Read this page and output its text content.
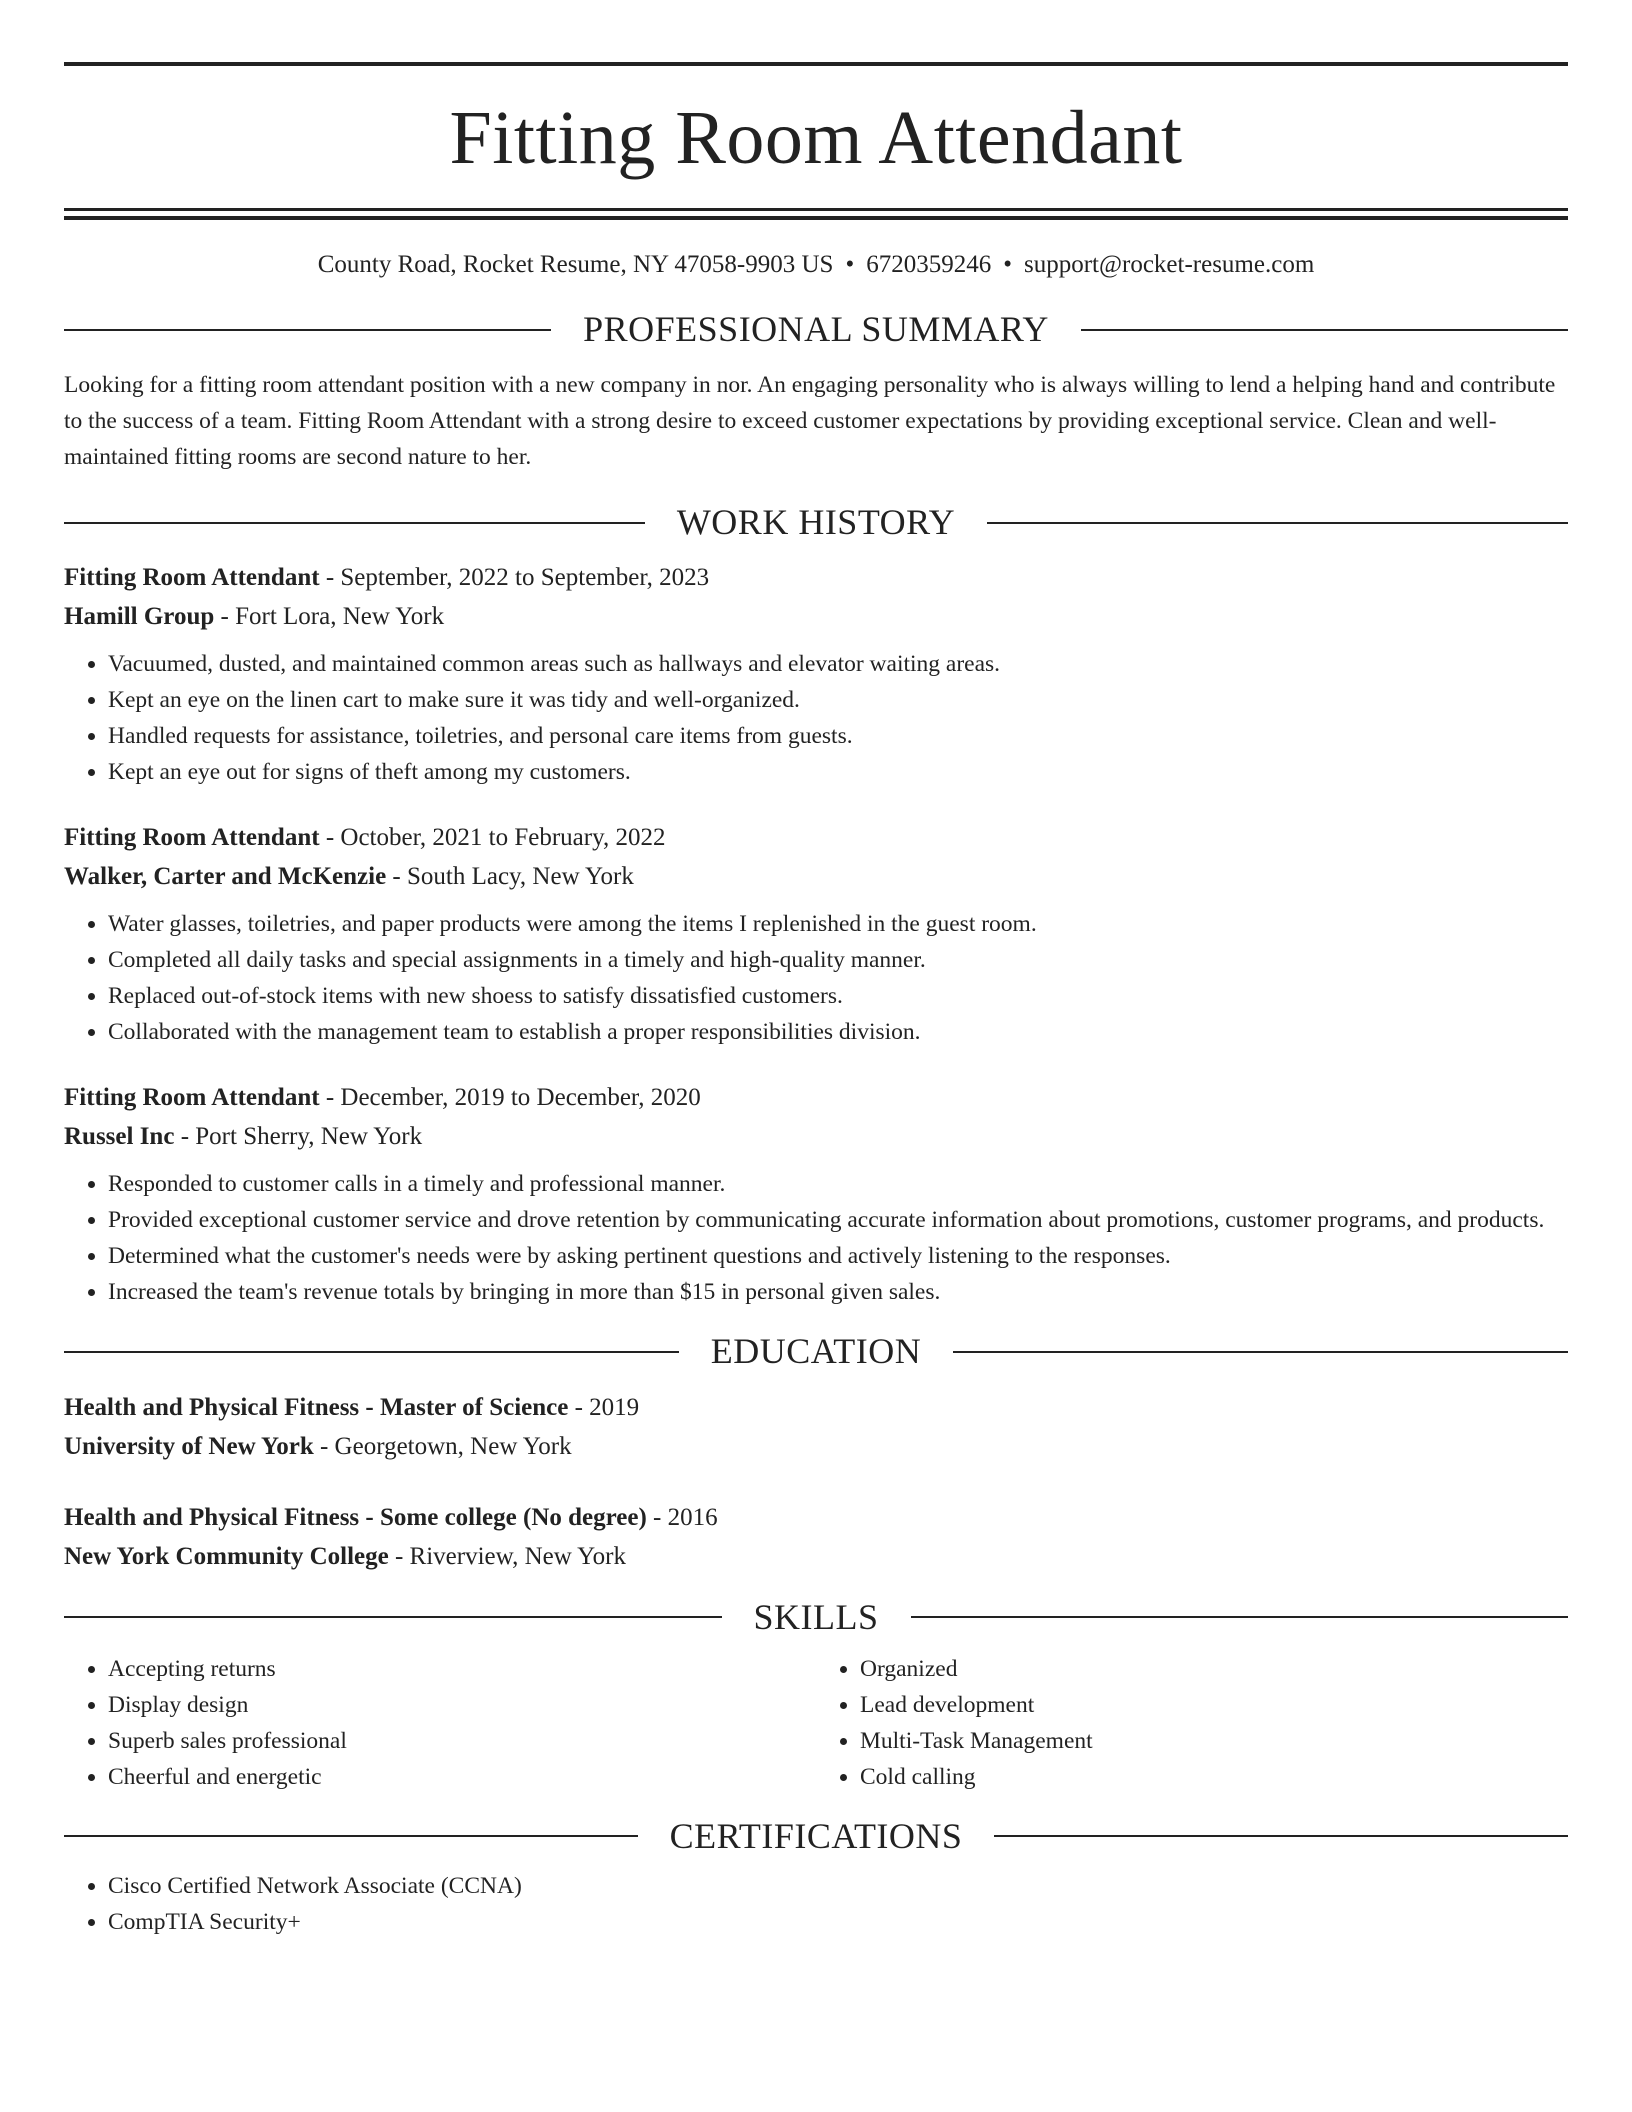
Fitting Room Attendant
County Road, Rocket Resume, NY 47058-9903 US • 6720359246 • support@rocket-resume.com
PROFESSIONAL SUMMARY

Looking for a fitting room attendant position with a new company in nor. An engaging personality who is always willing to lend a helping hand and contribute to the success of a team. Fitting Room Attendant with a strong desire to exceed customer expectations by providing exceptional service. Clean and well-maintained fitting rooms are second nature to her.

WORK HISTORY
Fitting Room Attendant - September, 2022 to September, 2023
Hamill Group - Fort Lora, New York
• Vacuumed, dusted, and maintained common areas such as hallways and elevator waiting areas.
• Kept an eye on the linen cart to make sure it was tidy and well-organized.
• Handled requests for assistance, toiletries, and personal care items from guests.
• Kept an eye out for signs of theft among my customers.
Fitting Room Attendant - October, 2021 to February, 2022
Walker, Carter and McKenzie - South Lacy, New York
• Water glasses, toiletries, and paper products were among the items I replenished in the guest room.
• Completed all daily tasks and special assignments in a timely and high-quality manner.
• Replaced out-of-stock items with new shoess to satisfy dissatisfied customers.
• Collaborated with the management team to establish a proper responsibilities division.
Fitting Room Attendant - December, 2019 to December, 2020
Russel Inc - Port Sherry, New York
• Responded to customer calls in a timely and professional manner.
• Provided exceptional customer service and drove retention by communicating accurate information about promotions, customer programs, and products.
• Determined what the customer's needs were by asking pertinent questions and actively listening to the responses.
• Increased the team's revenue totals by bringing in more than $15 in personal given sales.
EDUCATION
Health and Physical Fitness - Master of Science - 2019
University of New York - Georgetown, New York
Health and Physical Fitness - Some college (No degree) - 2016
New York Community College - Riverview, New York
SKILLS
• Accepting returns
• Display design
• Superb sales professional
• Cheerful and energetic
• Organized
• Lead development
• Multi-Task Management
• Cold calling
CERTIFICATIONS
• Cisco Certified Network Associate (CCNA)
• CompTIA Security+
